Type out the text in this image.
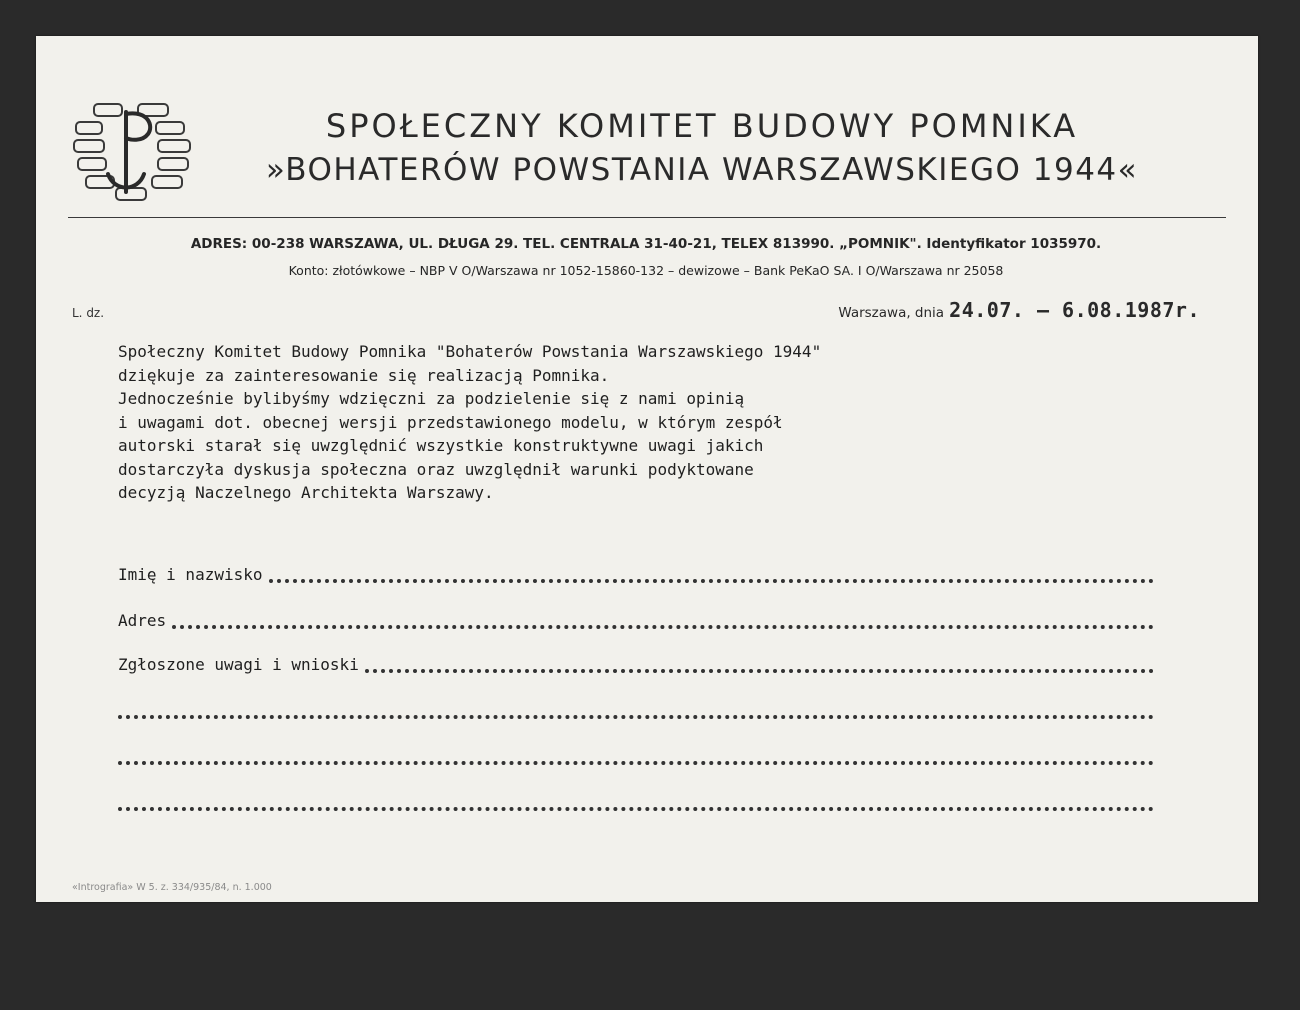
SPOŁECZNY KOMITET BUDOWY POMNIKA
»BOHATERÓW POWSTANIA WARSZAWSKIEGO 1944«

ADRES: 00-238 WARSZAWA, UL. DŁUGA 29. TEL. CENTRALA 31-40-21, TELEX 813990. „POMNIK". Identyfikator 1035970.

Konto: złotówkowe – NBP V O/Warszawa nr 1052-15860-132 – dewizowe – Bank PeKaO SA. I O/Warszawa nr 25058

L. dz.	Warszawa, dnia 24.07. – 6.08.1987r.

Społeczny Komitet Budowy Pomnika "Bohaterów Powstania Warszawskiego 1944"

dziękuje za zainteresowanie się realizacją Pomnika.

Jednocześnie bylibyśmy wdzięczni za podzielenie się z nami opinią

i uwagami dot. obecnej wersji przedstawionego modelu, w którym zespół

autorski starał się uwzględnić wszystkie konstruktywne uwagi jakich

dostarczyła dyskusja społeczna oraz uwzględnił warunki podyktowane

decyzją Naczelnego Architekta Warszawy.

Imię i nazwisko
Adres
Zgłoszone uwagi i wnioski

«Intrografia» W 5. z. 334/935/84, n. 1.000
